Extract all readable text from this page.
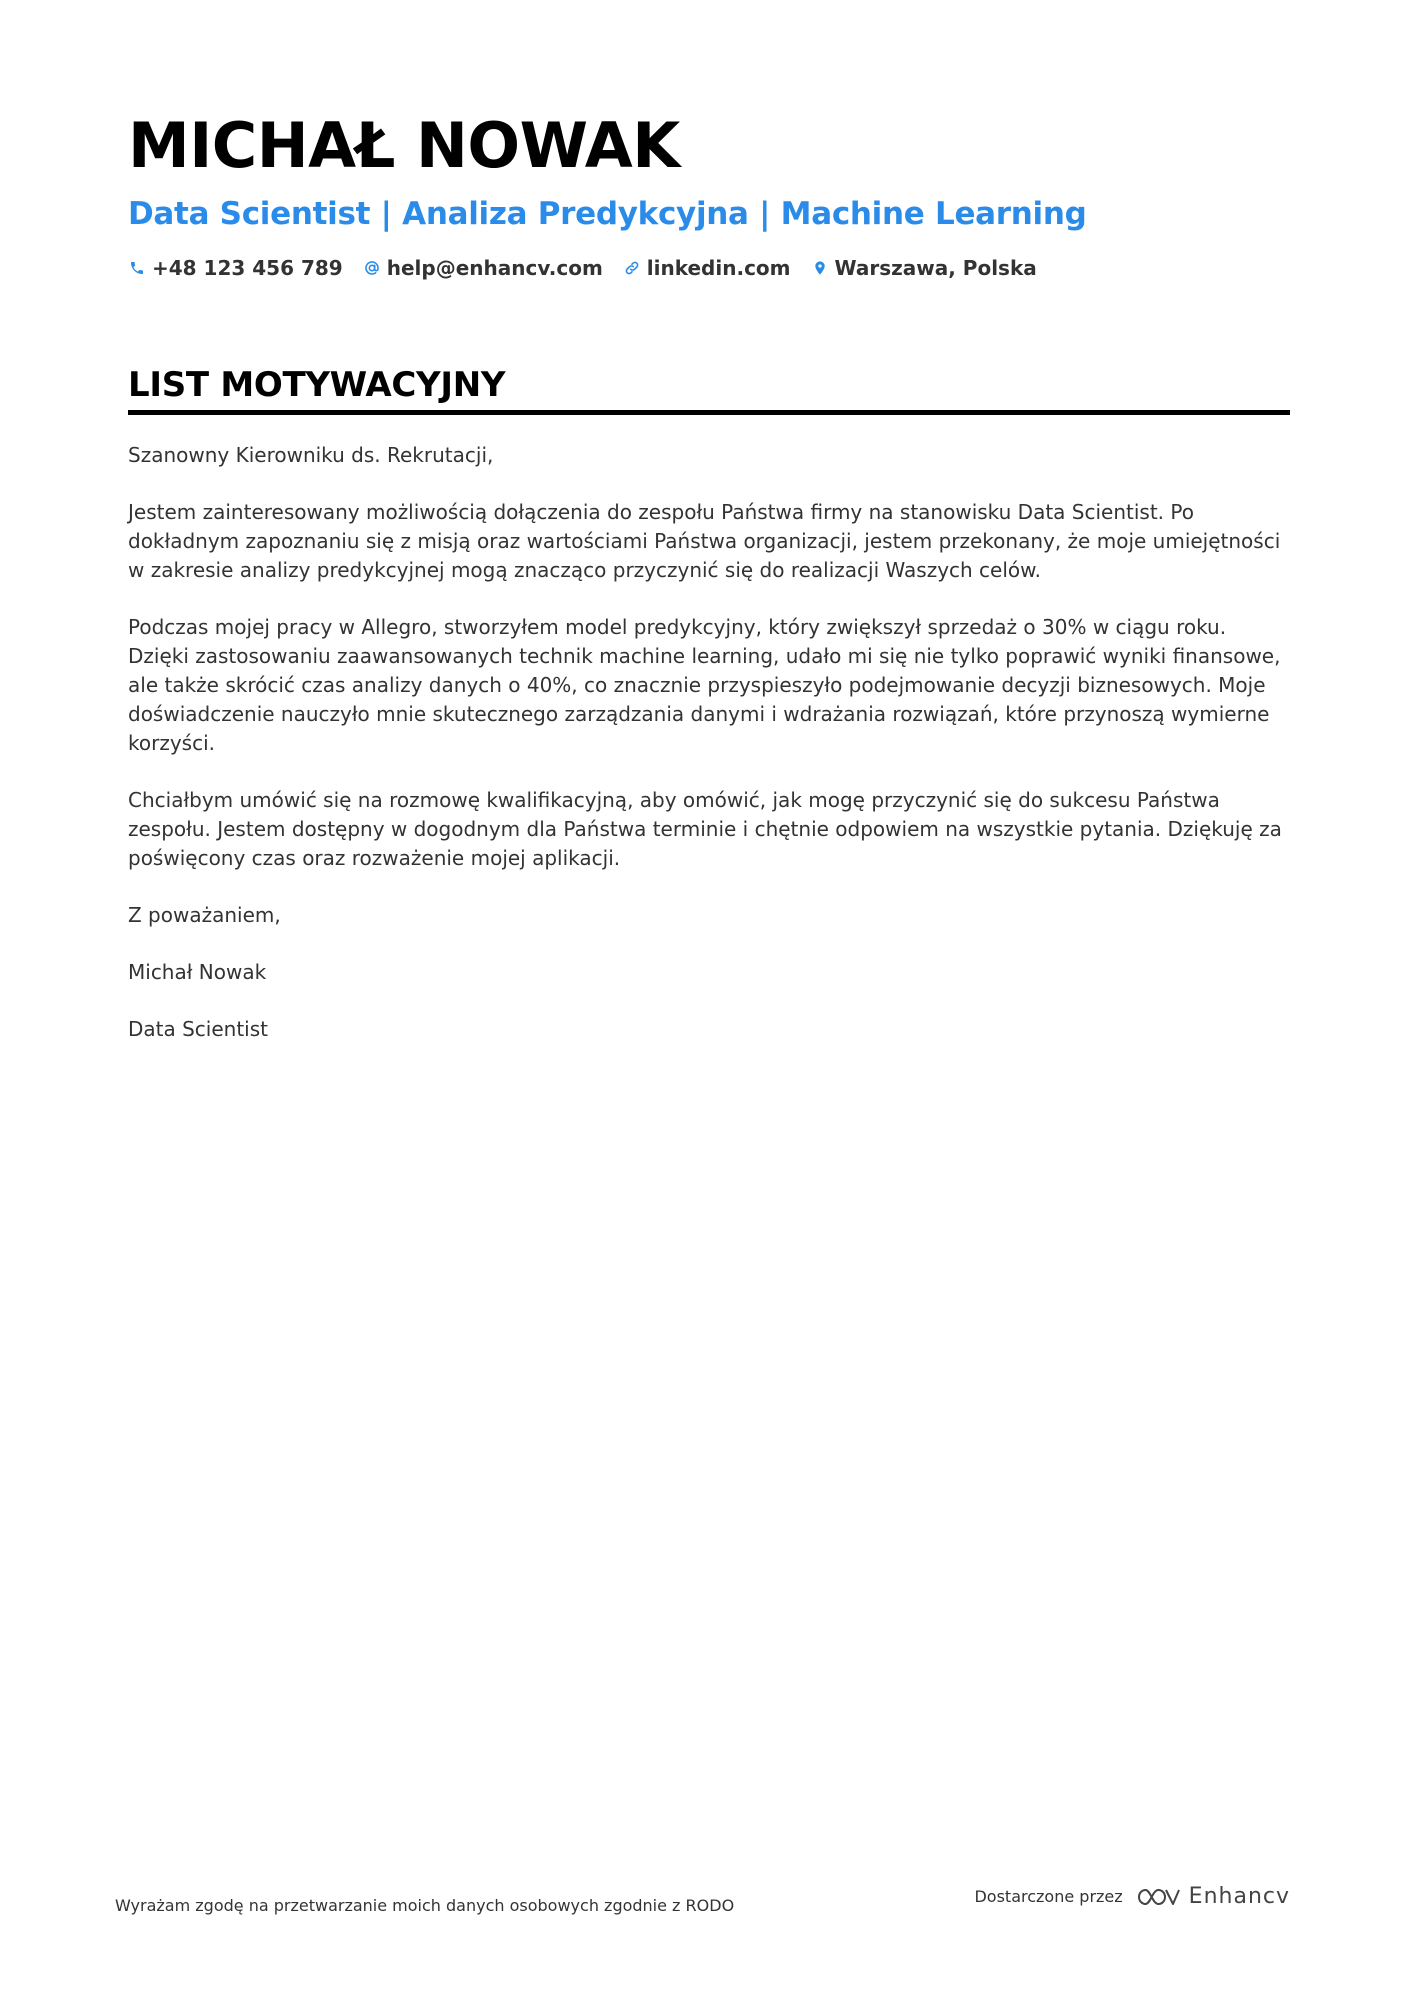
MICHAŁ NOWAK
Data Scientist | Analiza Predykcyjna | Machine Learning
+48 123 456 789 help@enhancv.com linkedin.com Warszawa, Polska
LIST MOTYWACYJNY

Szanowny Kierowniku ds. Rekrutacji,

Jestem zainteresowany możliwością dołączenia do zespołu Państwa firmy na stanowisku Data Scientist. Po dokładnym zapoznaniu się z misją oraz wartościami Państwa organizacji, jestem przekonany, że moje umiejętności w zakresie analizy predykcyjnej mogą znacząco przyczynić się do realizacji Waszych celów.

Podczas mojej pracy w Allegro, stworzyłem model predykcyjny, który zwiększył sprzedaż o 30% w ciągu roku. Dzięki zastosowaniu zaawansowanych technik machine learning, udało mi się nie tylko poprawić wyniki finansowe, ale także skrócić czas analizy danych o 40%, co znacznie przyspieszyło podejmowanie decyzji biznesowych. Moje doświadczenie nauczyło mnie skutecznego zarządzania danymi i wdrażania rozwiązań, które przynoszą wymierne korzyści.

Chciałbym umówić się na rozmowę kwalifikacyjną, aby omówić, jak mogę przyczynić się do sukcesu Państwa zespołu. Jestem dostępny w dogodnym dla Państwa terminie i chętnie odpowiem na wszystkie pytania. Dziękuję za poświęcony czas oraz rozważenie mojej aplikacji.

Z poważaniem,

Michał Nowak

Data Scientist

Wyrażam zgodę na przetwarzanie moich danych osobowych zgodnie z RODO	Dostarczone przez	Enhancv
